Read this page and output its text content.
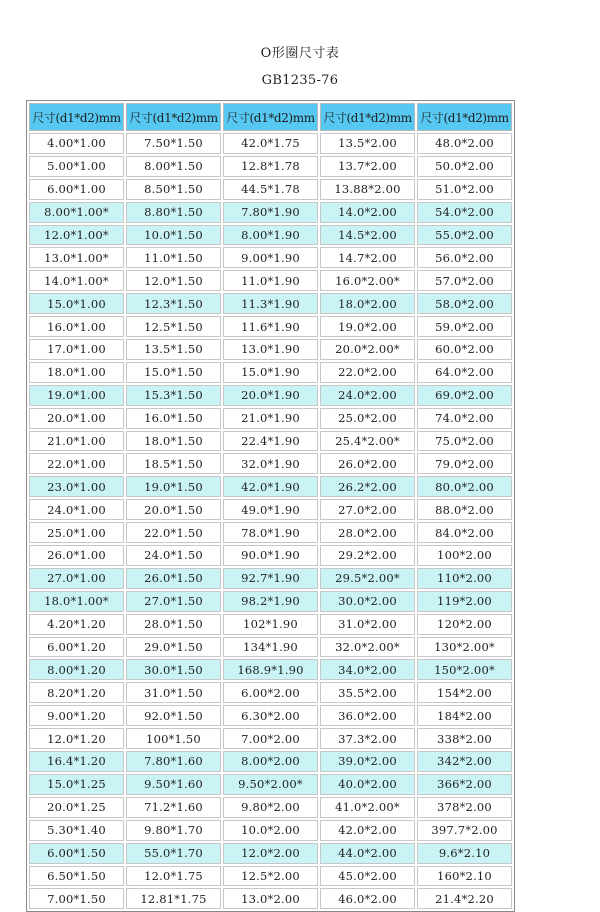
O形圈尺寸表
GB1235-76
尺寸(d1*d2)mm	尺寸(d1*d2)mm	尺寸(d1*d2)mm	尺寸(d1*d2)mm	尺寸(d1*d2)mm
4.00*1.00	7.50*1.50	42.0*1.75	13.5*2.00	48.0*2.00
5.00*1.00	8.00*1.50	12.8*1.78	13.7*2.00	50.0*2.00
6.00*1.00	8.50*1.50	44.5*1.78	13.88*2.00	51.0*2.00
8.00*1.00*	8.80*1.50	7.80*1.90	14.0*2.00	54.0*2.00
12.0*1.00*	10.0*1.50	8.00*1.90	14.5*2.00	55.0*2.00
13.0*1.00*	11.0*1.50	9.00*1.90	14.7*2.00	56.0*2.00
14.0*1.00*	12.0*1.50	11.0*1.90	16.0*2.00*	57.0*2.00
15.0*1.00	12.3*1.50	11.3*1.90	18.0*2.00	58.0*2.00
16.0*1.00	12.5*1.50	11.6*1.90	19.0*2.00	59.0*2.00
17.0*1.00	13.5*1.50	13.0*1.90	20.0*2.00*	60.0*2.00
18.0*1.00	15.0*1.50	15.0*1.90	22.0*2.00	64.0*2.00
19.0*1.00	15.3*1.50	20.0*1.90	24.0*2.00	69.0*2.00
20.0*1.00	16.0*1.50	21.0*1.90	25.0*2.00	74.0*2.00
21.0*1.00	18.0*1.50	22.4*1.90	25.4*2.00*	75.0*2.00
22.0*1.00	18.5*1.50	32.0*1.90	26.0*2.00	79.0*2.00
23.0*1.00	19.0*1.50	42.0*1.90	26.2*2.00	80.0*2.00
24.0*1.00	20.0*1.50	49.0*1.90	27.0*2.00	88.0*2.00
25.0*1.00	22.0*1.50	78.0*1.90	28.0*2.00	84.0*2.00
26.0*1.00	24.0*1.50	90.0*1.90	29.2*2.00	100*2.00
27.0*1.00	26.0*1.50	92.7*1.90	29.5*2.00*	110*2.00
18.0*1.00*	27.0*1.50	98.2*1.90	30.0*2.00	119*2.00
4.20*1.20	28.0*1.50	102*1.90	31.0*2.00	120*2.00
6.00*1.20	29.0*1.50	134*1.90	32.0*2.00*	130*2.00*
8.00*1.20	30.0*1.50	168.9*1.90	34.0*2.00	150*2.00*
8.20*1.20	31.0*1.50	6.00*2.00	35.5*2.00	154*2.00
9.00*1.20	92.0*1.50	6.30*2.00	36.0*2.00	184*2.00
12.0*1.20	100*1.50	7.00*2.00	37.3*2.00	338*2.00
16.4*1.20	7.80*1.60	8.00*2.00	39.0*2.00	342*2.00
15.0*1.25	9.50*1.60	9.50*2.00*	40.0*2.00	366*2.00
20.0*1.25	71.2*1.60	9.80*2.00	41.0*2.00*	378*2.00
5.30*1.40	9.80*1.70	10.0*2.00	42.0*2.00	397.7*2.00
6.00*1.50	55.0*1.70	12.0*2.00	44.0*2.00	9.6*2.10
6.50*1.50	12.0*1.75	12.5*2.00	45.0*2.00	160*2.10
7.00*1.50	12.81*1.75	13.0*2.00	46.0*2.00	21.4*2.20
